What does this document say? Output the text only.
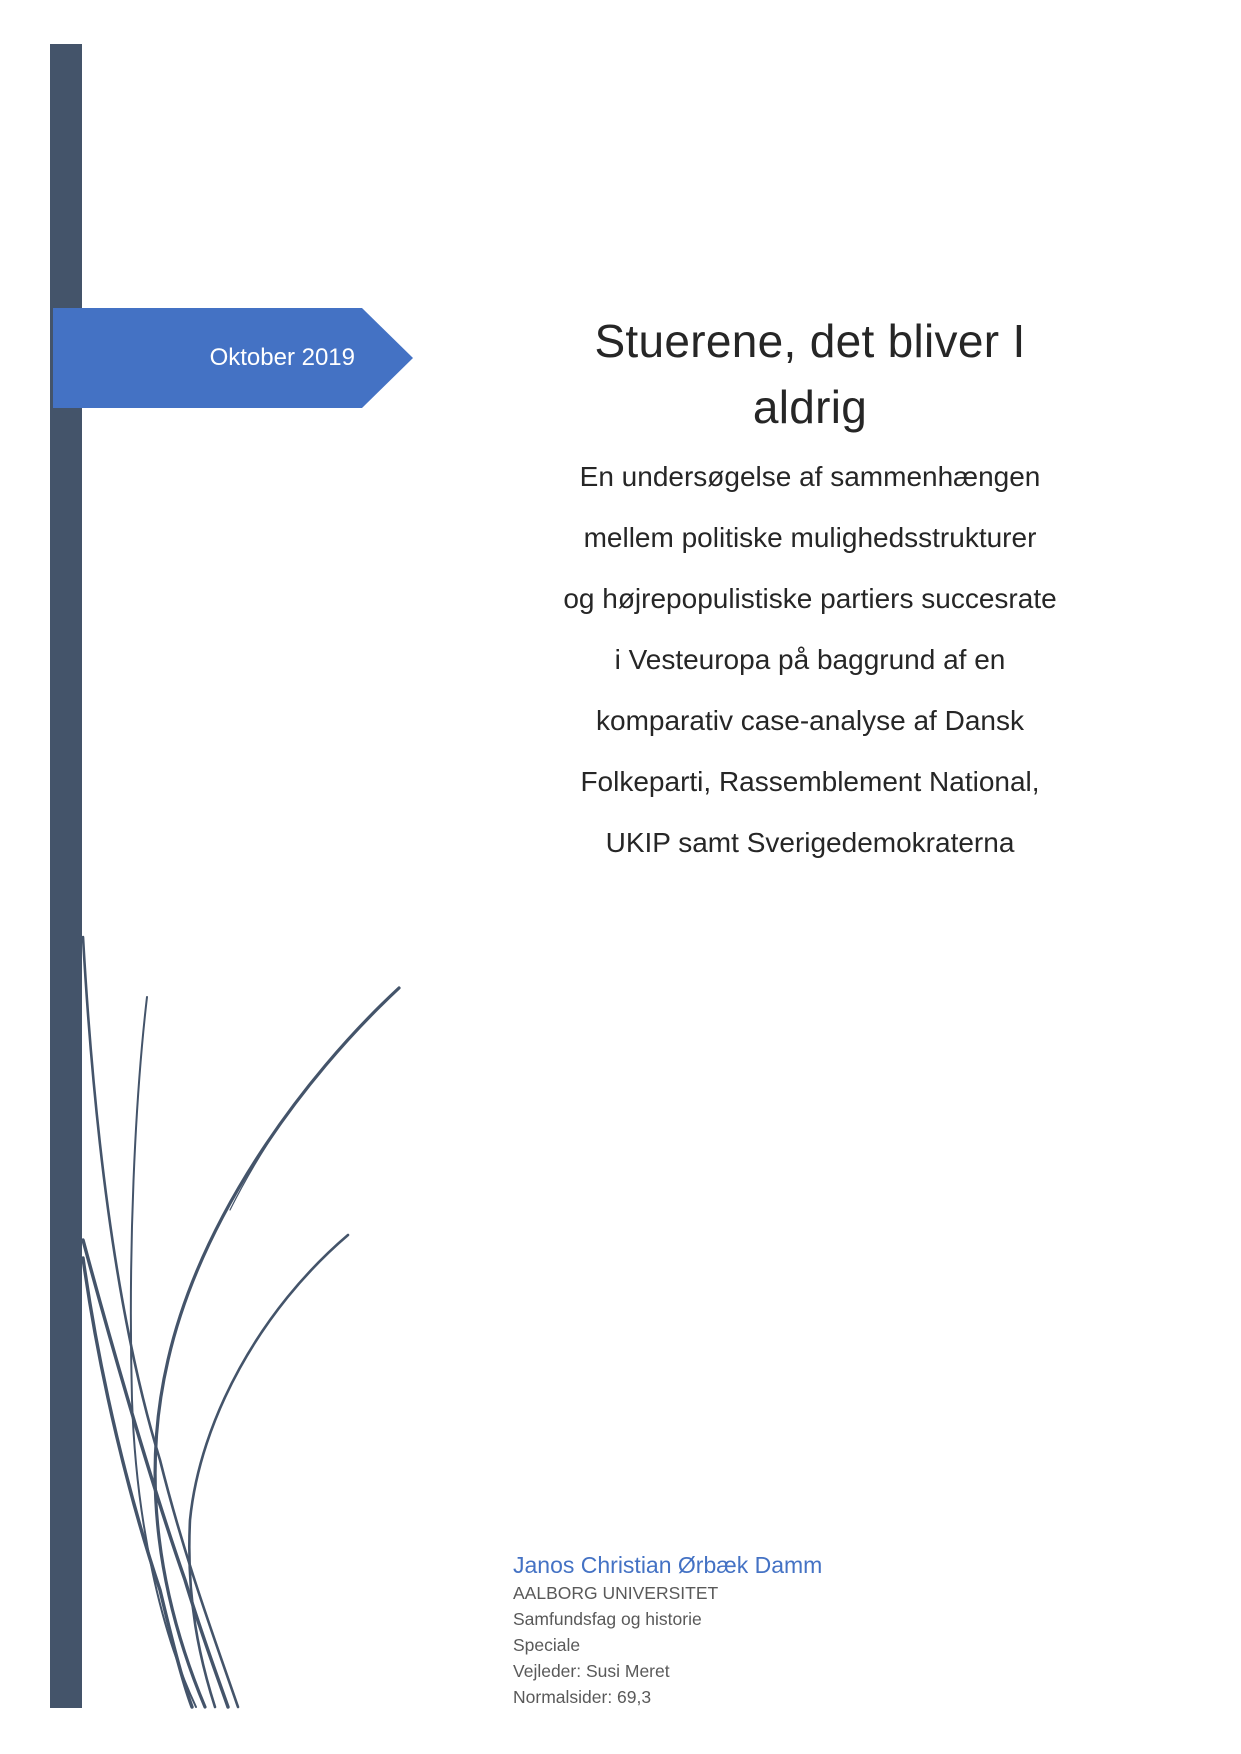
Oktober 2019	Stuerene, det bliver I
aldrig
En undersøgelse af sammenhængen
mellem politiske mulighedsstrukturer
og højrepopulistiske partiers succesrate
i Vesteuropa på baggrund af en
komparativ case-analyse af Dansk
Folkeparti, Rassemblement National,
UKIP samt Sverigedemokraterna
Janos Christian Ørbæk Damm
AALBORG UNIVERSITET
Samfundsfag og historie
Speciale
Vejleder: Susi Meret
Normalsider: 69,3
